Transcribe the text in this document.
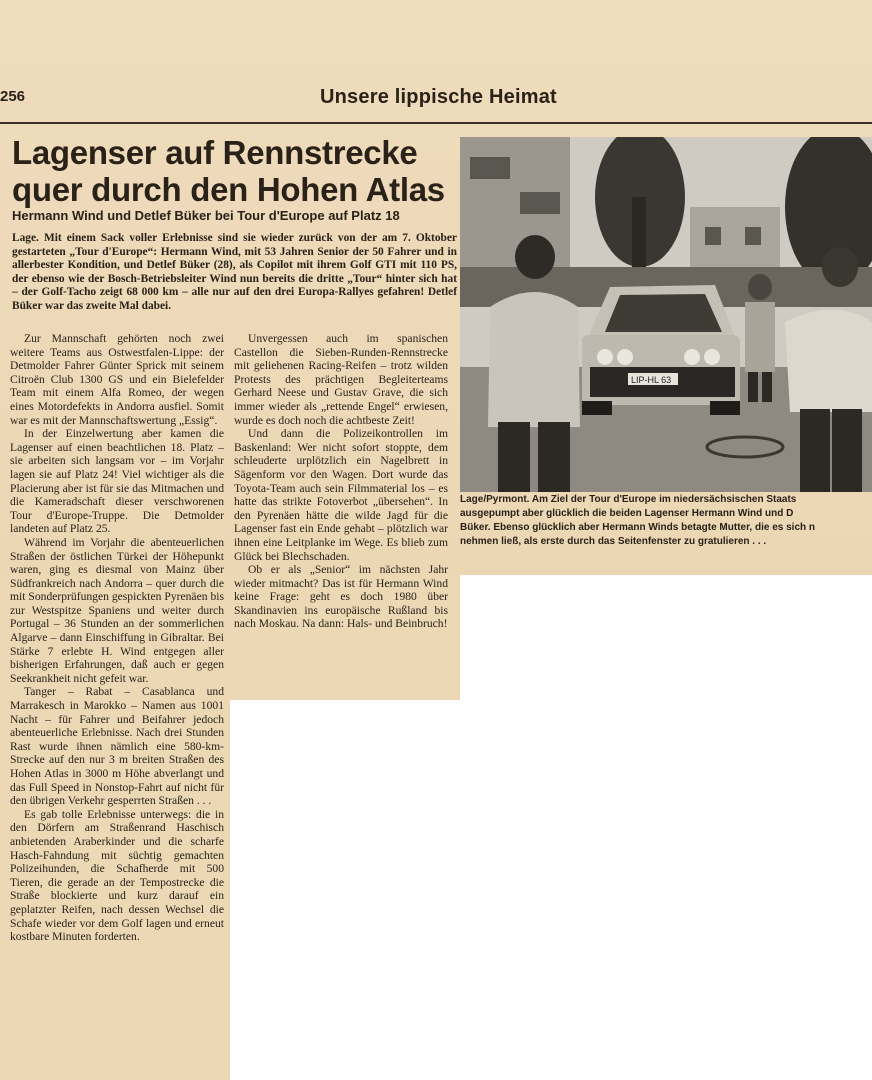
256	Unsere lippische Heimat
Lagenser auf Rennstrecke
quer durch den Hohen Atlas
Hermann Wind und Detlef Büker bei Tour d'Europe auf Platz 18

Lage. Mit einem Sack voller Erlebnisse sind sie wieder zurück von der am 7. Oktober gestarteten „Tour d'Europe“: Hermann Wind, mit 53 Jahren Senior der 50 Fahrer und in allerbester Kondition, und Detlef Büker (28), als Copilot mit ihrem Golf GTI mit 110 PS, der ebenso wie der Bosch-Betriebsleiter Wind nun bereits die dritte „Tour“ hinter sich hat – der Golf-Tacho zeigt 68 000 km – alle nur auf den drei Europa-Rallyes gefahren! Detlef Büker war das zweite Mal dabei.

Zur Mannschaft gehörten noch zwei weitere Teams aus Ostwestfalen-Lippe: der Detmolder Fahrer Günter Sprick mit seinem Citroën Club 1300 GS und ein Bielefelder Team mit einem Alfa Romeo, der wegen eines Motordefekts in Andorra ausfiel. Somit war es mit der Mannschaftswertung „Essig“.

In der Einzelwertung aber kamen die Lagenser auf einen beachtlichen 18. Platz – sie arbeiten sich langsam vor – im Vorjahr lagen sie auf Platz 24! Viel wichtiger als die Placierung aber ist für sie das Mitmachen und die Kameradschaft dieser verschworenen Tour d'Europe-Truppe. Die Detmolder landeten auf Platz 25.

Während im Vorjahr die abenteuerlichen Straßen der östlichen Türkei der Höhepunkt waren, ging es diesmal von Mainz über Südfrankreich nach Andorra – quer durch die mit Sonderprüfungen gespickten Pyrenäen bis zur Westspitze Spaniens und weiter durch Portugal – 36 Stunden an der sommerlichen Algarve – dann Einschiffung in Gibraltar. Bei Stärke 7 erlebte H. Wind entgegen aller bisherigen Erfahrungen, daß auch er gegen Seekrankheit nicht gefeit war.

Tanger – Rabat – Casablanca und Marrakesch in Marokko – Namen aus 1001 Nacht – für Fahrer und Beifahrer jedoch abenteuerliche Erlebnisse. Nach drei Stunden Rast wurde ihnen nämlich eine 580-km-Strecke auf den nur 3 m breiten Straßen des Hohen Atlas in 3000 m Höhe abverlangt und das Full Speed in Nonstop-Fahrt auf nicht für den übrigen Verkehr gesperrten Straßen . . .

Es gab tolle Erlebnisse unterwegs: die in den Dörfern am Straßenrand Haschisch anbietenden Araberkinder und die scharfe Hasch-Fahndung mit süchtig gemachten Polizeihunden, die Schafherde mit 500 Tieren, die gerade an der Tempostrecke die Straße blockierte und kurz darauf ein geplatzter Reifen, nach dessen Wechsel die Schafe wieder vor dem Golf lagen und erneut kostbare Minuten forderten.

Unvergessen auch im spanischen Castellon die Sieben-Runden-Rennstrecke mit geliehenen Racing-Reifen – trotz wilden Protests des prächtigen Begleiterteams Gerhard Neese und Gustav Grave, die sich immer wieder als „rettende Engel“ erwiesen, wurde es doch noch die achtbeste Zeit!

Und dann die Polizeikontrollen im Baskenland: Wer nicht sofort stoppte, dem schleuderte urplötzlich ein Nagelbrett in Sägenform vor den Wagen. Dort wurde das Toyota-Team auch sein Filmmaterial los – es hatte das strikte Fotoverbot „übersehen“. In den Pyrenäen hätte die wilde Jagd für die Lagenser fast ein Ende gehabt – plötzlich war ihnen eine Leitplanke im Wege. Es blieb zum Glück bei Blechschaden.

Ob er als „Senior“ im nächsten Jahr wieder mitmacht? Das ist für Hermann Wind keine Frage: geht es doch 1980 über Skandinavien ins europäische Rußland bis nach Moskau. Na dann: Hals- und Beinbruch!

LIP-HL 63

Lage/Pyrmont. Am Ziel der Tour d'Europe im niedersächsischen Staats
ausgepumpt aber glücklich die beiden Lagenser Hermann Wind und D
Büker. Ebenso glücklich aber Hermann Winds betagte Mutter, die es sich n
nehmen ließ, als erste durch das Seitenfenster zu gratulieren . . .
